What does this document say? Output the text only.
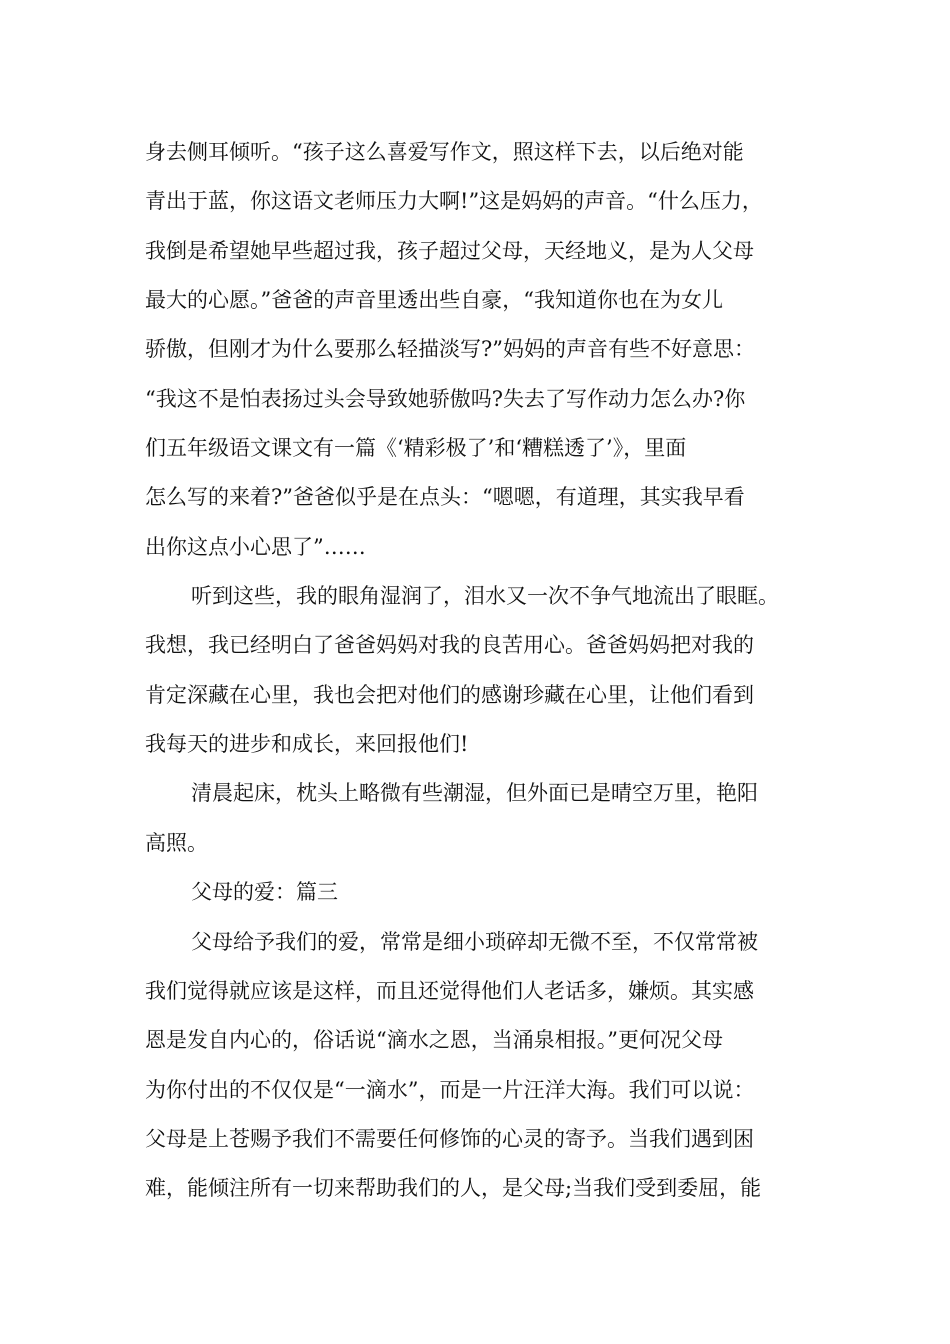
身去侧耳倾听。“孩子这么喜爱写作文，照这样下去，以后绝对能
青出于蓝，你这语文老师压力大啊!”这是妈妈的声音。“什么压力，
我倒是希望她早些超过我，孩子超过父母，天经地义，是为人父母
最大的心愿。”爸爸的声音里透出些自豪，“我知道你也在为女儿
骄傲，但刚才为什么要那么轻描淡写?”妈妈的声音有些不好意思：
“我这不是怕表扬过头会导致她骄傲吗?失去了写作动力怎么办?你
们五年级语文课文有一篇《‘精彩极了’和‘糟糕透了’》，里面
怎么写的来着?”爸爸似乎是在点头：“嗯嗯，有道理，其实我早看
出你这点小心思了”……
听到这些，我的眼角湿润了，泪水又一次不争气地流出了眼眶。
我想，我已经明白了爸爸妈妈对我的良苦用心。爸爸妈妈把对我的
肯定深藏在心里，我也会把对他们的感谢珍藏在心里，让他们看到
我每天的进步和成长，来回报他们!
清晨起床，枕头上略微有些潮湿，但外面已是晴空万里，艳阳
高照。
父母的爱：篇三
父母给予我们的爱，常常是细小琐碎却无微不至，不仅常常被
我们觉得就应该是这样，而且还觉得他们人老话多，嫌烦。其实感
恩是发自内心的，俗话说“滴水之恩，当涌泉相报。”更何况父母
为你付出的不仅仅是“一滴水”，而是一片汪洋大海。我们可以说：
父母是上苍赐予我们不需要任何修饰的心灵的寄予。当我们遇到困
难，能倾注所有一切来帮助我们的人，是父母;当我们受到委屈，能
